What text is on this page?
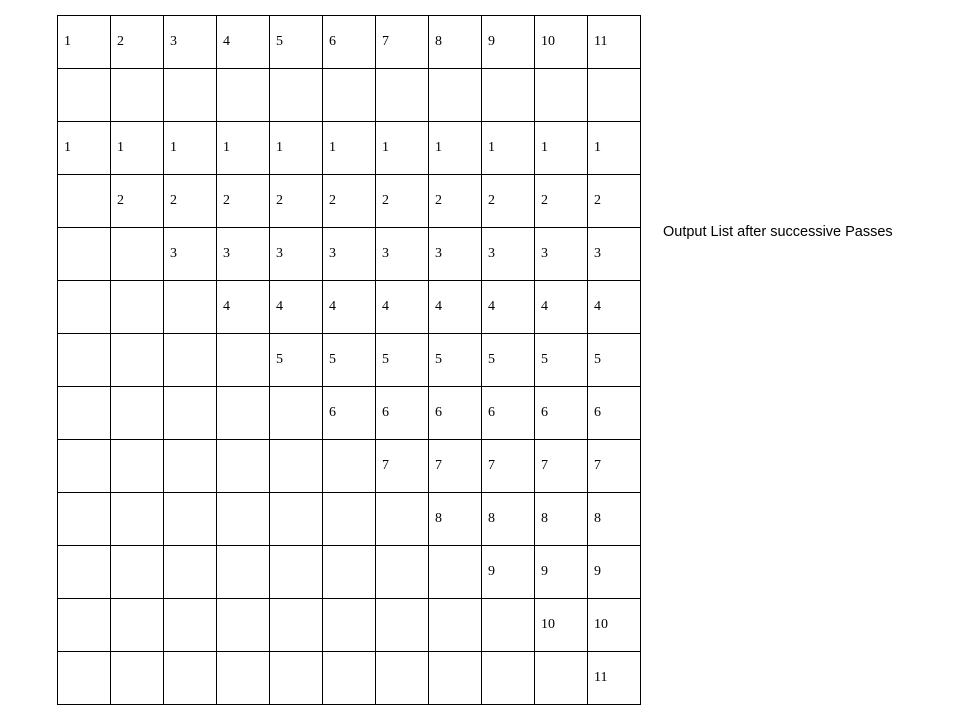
1	2	3	4	5	6	7	8	9	10	11

1	1	1	1	1	1	1	1	1	1	1
	2	2	2	2	2	2	2	2	2	2
		3	3	3	3	3	3	3	3	3
			4	4	4	4	4	4	4	4
				5	5	5	5	5	5	5
					6	6	6	6	6	6
						7	7	7	7	7
							8	8	8	8
								9	9	9
									10	10
										11
Output List after successive Passes
